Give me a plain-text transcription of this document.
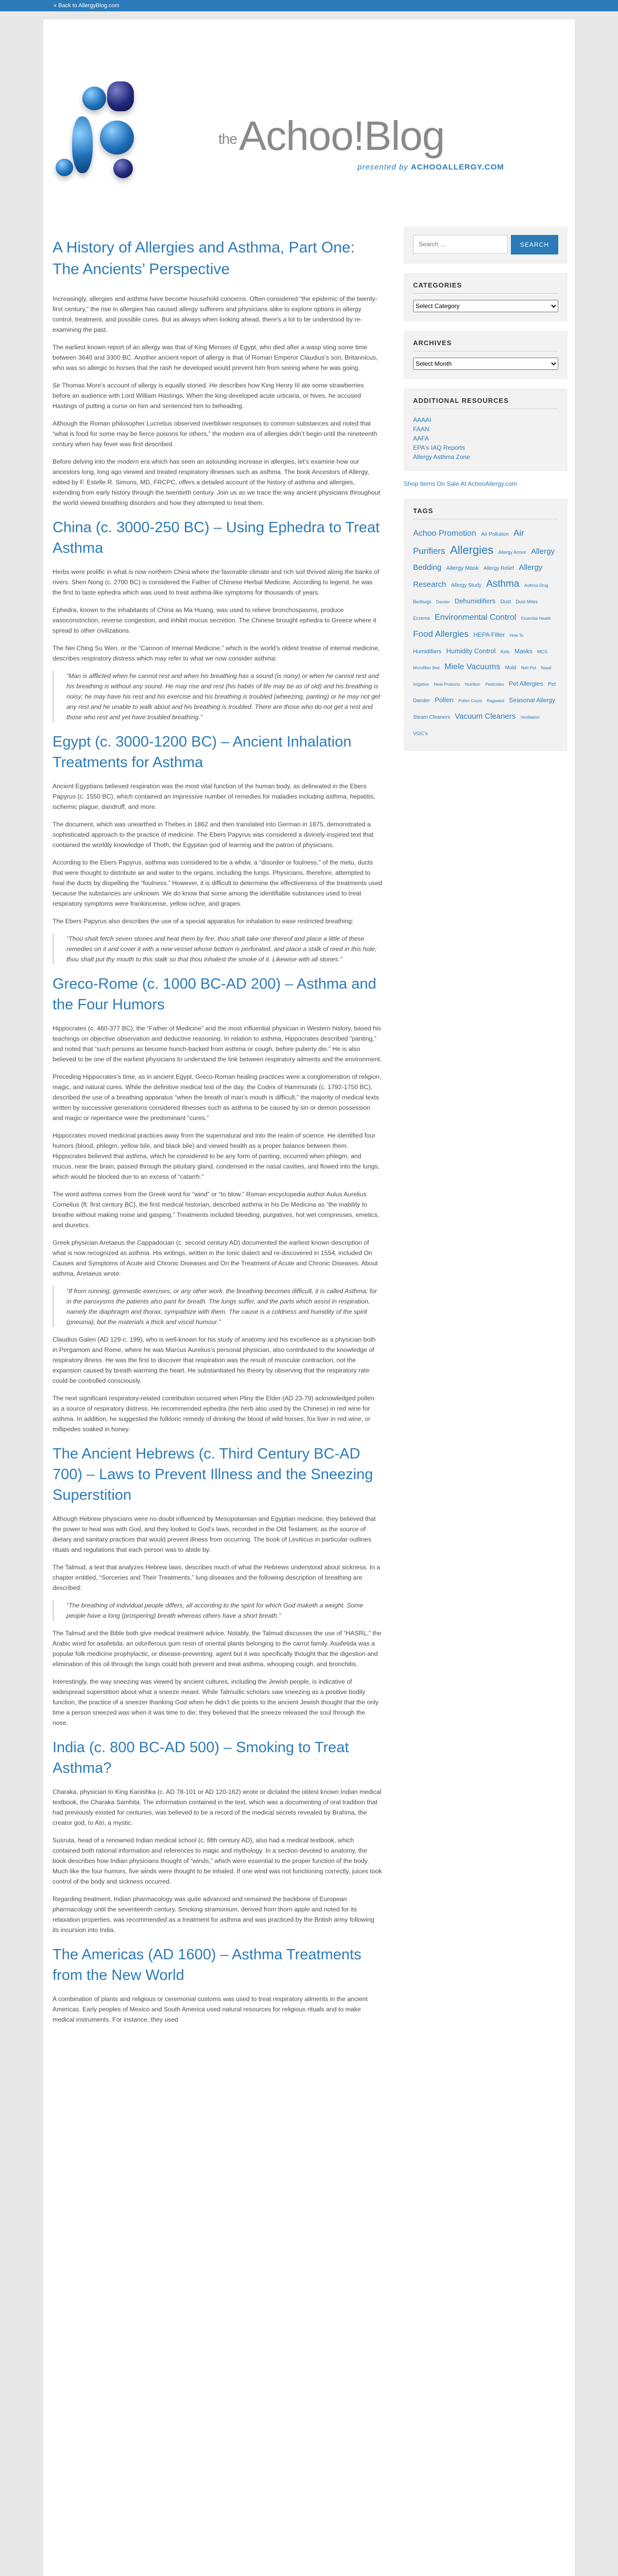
« Back to AllergyBlog.com
theAchoo!Blog
presented by ACHOOALLERGY.COM
A History of Allergies and Asthma, Part One: The Ancients’ Perspective

Increasingly, allergies and asthma have become household concerns. Often considered “the epidemic of the twenty-first century,” the rise in allergies has caused allergy sufferers and physicians alike to explore options in allergy control, treatment, and possible cures. But as always when looking ahead, there’s a lot to be understood by re-examining the past.

The earliest known report of an allergy was that of King Menses of Egypt, who died after a wasp sting some time between 3640 and 3300 BC. Another ancient report of allergy is that of Roman Emperor Claudius’s son, Britannicus, who was so allergic to horses that the rash he developed would prevent him from seeing where he was going.

Sir Thomas More’s account of allergy is equally storied. He describes how King Henry III ate some strawberries before an audience with Lord William Hastings. When the king developed acute urticaria, or hives, he accused Hastings of putting a curse on him and sentenced him to beheading.

Although the Roman philosopher Lucretius observed overblown responses to common substances and noted that “what is food for some may be fierce poisons for others,” the modern era of allergies didn’t begin until the nineteenth century when hay fever was first described.

Before delving into the modern era which has seen an astounding increase in allergies, let’s examine how our ancestors long, long ago viewed and treated respiratory illnesses such as asthma. The book Ancestors of Allergy, edited by F. Estelle R. Simons, MD, FRCPC, offers a detailed account of the history of asthma and allergies, extending from early history through the twentieth century. Join us as we trace the way ancient physicians throughout the world viewed breathing disorders and how they attempted to treat them.

China (c. 3000-250 BC) – Using Ephedra to Treat Asthma

Herbs were prolific in what is now northern China where the favorable climate and rich soil thrived along the banks of rivers. Shen Nong (c. 2700 BC) is considered the Father of Chinese Herbal Medicine. According to legend, he was the first to taste ephedra which was used to treat asthma-like symptoms for thousands of years.

Ephedra, known to the inhabitants of China as Ma Huang, was used to relieve bronchospasms, produce vasoconstriction, reverse congestion, and inhibit mucus secretion. The Chinese brought ephedra to Greece where it spread to other civilizations.

The Nei Ching Su Wen, or the “Cannon of Internal Medicine,” which is the world’s oldest treatise of internal medicine, describes respiratory distress which may refer to what we now consider asthma:

“Man is afflicted when he cannot rest and when his breathing has a sound (is noisy) or when he cannot rest and his breathing is without any sound. He may rise and rest (his habits of life may be as of old) and his breathing is noisy; he may have his rest and his exercise and his breathing is troubled (wheezing, panting) or he may not get any rest and he unable to walk about and his breathing is troubled. There are those who do not get a rest and those who rest and yet have troubled breathing.”
Egypt (c. 3000-1200 BC) – Ancient Inhalation Treatments for Asthma

Ancient Egyptians believed respiration was the most vital function of the human body, as delineated in the Ebers Papyrus (c. 1550 BC), which contained an impressive number of remedies for maladies including asthma, hepatitis, ischemic plague, dandruff, and more.

The document, which was unearthed in Thebes in 1862 and then translated into German in 1875, demonstrated a sophisticated approach to the practice of medicine. The Ebers Papyrus was considered a divinely-inspired text that contained the worldly knowledge of Thoth, the Egyptian god of learning and the patron of physicians.

According to the Ebers Papyrus, asthma was considered to be a whdw, a “disorder or foulness,” of the metu, ducts that were thought to distribute air and water to the organs, including the lungs. Physicians, therefore, attempted to heal the ducts by dispelling the “foulness.” However, it is difficult to determine the effectiveness of the treatments used because the substances are unknown. We do know that some among the identifiable substances used to treat respiratory symptoms were frankincense, yellow ochre, and grapes.

The Ebers Papyrus also describes the use of a special apparatus for inhalation to ease restricted breathing:

“Thou shalt fetch seven stones and heat them by fire, thou shalt take one thereof and place a little of these remedies on it and cover it with a new vessel whose bottom is perforated, and place a stalk of reed in this hole; thou shalt put thy mouth to this stalk so that thou inhalest the smoke of it. Likewise with all stones.”
Greco-Rome (c. 1000 BC-AD 200) – Asthma and the Four Humors

Hippocrates (c. 460-377 BC), the “Father of Medicine” and the most influential physician in Western history, based his teachings on objective observation and deductive reasoning. In relation to asthma, Hippocrates described “panting,” and noted that “such persons as become hunch-backed from asthma or cough, before puberty die.” He is also believed to be one of the earliest physicians to understand the link between respiratory ailments and the environment.

Preceding Hippocrates’s time, as in ancient Egypt, Greco-Roman healing practices were a conglomeration of religion, magic, and natural cures. While the definitive medical text of the day, the Codex of Hammurabi (c. 1792-1750 BC), described the use of a breathing apparatus “when the breath of man’s mouth is difficult,” the majority of medical texts written by successive generations considered illnesses such as asthma to be caused by sin or demon possession and magic or repentance were the predominant “cures.”

Hippocrates moved medicinal practices away from the supernatural and into the realm of science. He identified four humors (blood, phlegm, yellow bile, and black bile) and viewed health as a proper balance between them. Hippocrates believed that asthma, which he considered to be any form of panting, occurred when phlegm, and mucus, near the brain, passed through the pituitary gland, condensed in the nasal cavities, and flowed into the lungs, which would be blocked due to an excess of “catarrh.”

The word asthma comes from the Greek word for “wind” or “to blow.” Roman encyclopedia author Aulus Aurelius Cornelius (ft. first century BC), the first medical historian, described asthma in his De Medicina as “the inability to breathe without making noise and gasping.” Treatments included bleeding, purgatives, hot wet compresses, emetics, and diuretics.

Greek physician Aretaeus the Cappadocian (c. second century AD) documented the earliest known description of what is now recognized as asthma. His writings, written in the Ionic dialect and re-discovered in 1554, included On Causes and Symptoms of Acute and Chronic Diseases and On the Treatment of Acute and Chronic Diseases. About asthma, Aretaeus wrote:

“If from running, gymnastic exercises, or any other work, the breathing becomes difficult, it is called Asthma; for in the paroxysms the patients also pant for breath. The lungs suffer, and the parts which assist in respiration, namely the diaphragm and thorax, sympathize with them. The cause is a coldness and humidity of the spirit (pneuma), but the materials a thick and viscid humour.”

Claudius Galen (AD 129-c. 199), who is well-known for his study of anatomy and his excellence as a physician both in Pergamom and Rome, where he was Marcus Aurelius’s personal physician, also contributed to the knowledge of respiratory illness. He was the first to discover that respiration was the result of muscular contraction, not the expansion caused by breath warming the heart. He substantiated his theory by observing that the respiratory rate could be controlled consciously.

The next significant respiratory-related contribution occurred when Pliny the Elder (AD 23-79) acknowledged pollen as a source of respiratory distress. He recommended ephedra (the herb also used by the Chinese) in red wine for asthma. In addition, he suggested the folkloric remedy of drinking the blood of wild horses, fox liver in red wine, or millipedes soaked in honey.

The Ancient Hebrews (c. Third Century BC-AD 700) – Laws to Prevent Illness and the Sneezing Superstition

Although Hebrew physicians were no doubt influenced by Mesopotamian and Egyptian medicine, they believed that the power to heal was with God, and they looked to God’s laws, recorded in the Old Testament, as the source of dietary and sanitary practices that would prevent illness from occurring. The book of Leviticus in particular outlines rituals and regulations that each person was to abide by.

The Talmud, a text that analyzes Hebrew laws, describes much of what the Hebrews understood about sickness. In a chapter entitled, “Sorceries and Their Treatments,” lung diseases and the following description of breathing are described:

“The breathing of individual people differs, all according to the spirit for which God maketh a weight. Some people have a long (prospering) breath whereas others have a short breath.”

The Talmud and the Bible both give medical treatment advice. Notably, the Talmud discusses the use of “HASRL,” the Arabic word for asafetida, an odoriferous gum resin of oriental plants belonging to the carrot family. Asafetida was a popular folk medicine prophylactic, or disease-preventing, agent but it was specifically thought that the digestion and elimination of this oil through the lungs could both prevent and treat asthma, whooping cough, and bronchitis.

Interestingly, the way sneezing was viewed by ancient cultures, including the Jewish people, is indicative of widespread superstition about what a sneeze meant. While Talmudic scholars saw sneezing as a positive bodily function, the practice of a sneezer thanking God when he didn’t die points to the ancient Jewish thought that the only time a person sneezed was when it was time to die; they believed that the sneeze released the soul through the nose.

India (c. 800 BC-AD 500) – Smoking to Treat Asthma?

Charaka, physician to King Kanishka (c. AD 78-101 or AD 120-162) wrote or dictated the oldest known Indian medical textbook, the Charaka Samhita. The information contained in the text, which was a documenting of oral tradition that had previously existed for centuries, was believed to be a record of the medical secrets revealed by Brahma, the creator god, to Atri, a mystic.

Susruta, head of a renowned Indian medical school (c. fifth century AD), also had a medical textbook, which contained both rational information and references to magic and mythology. In a section devoted to anatomy, the book describes how Indian physicians thought of “winds,” which were essential to the proper function of the body. Much like the four humors, five winds were thought to be inhaled. If one wind was not functioning correctly, juices took control of the body and sickness occurred.

Regarding treatment, Indian pharmacology was quite advanced and remained the backbone of European pharmacology until the seventeenth century. Smoking stramonium, derived from thorn apple and noted for its relaxation properties, was recommended as a treatment for asthma and was practiced by the British army following its incursion into India.

The Americas (AD 1600) – Asthma Treatments from the New World

A combination of plants and religious or ceremonial customs was used to treat respiratory ailments in the ancient Americas. Early peoples of Mexico and South America used natural resources for religious rituals and to make medical instruments. For instance, they used

Search …
SEARCH
CATEGORIES
Select Category
ARCHIVES
Select Month
ADDITIONAL RESOURCES
AAAAI
FAAN
AAFA
EPA's IAQ Reports
Allergy Asthma Zone
Shop Items On Sale At AchooAllergy.com
TAGS
Achoo Promotion Air Pollution Air Purifiers Allergies Allergy Armor Allergy Bedding Allergy Mask Allergy Relief Allergy Research Allergy Study Asthma Asthma Drug Bedbugs Dander Dehumidifiers Dust Dust Mites Eczema Environmental Control Essential Health Food Allergies HEPA Filter How To Humidifiers Humidity Control Kids Masks MCS Microfiber Bed Miele Vacuums Mold Neti-Pot Nasal Irrigation Neat Products Nutrition Pesticides Pet Allergies Pet Dander Pollen Pollen Count Ragweed Seasonal Allergy Steam Cleaners Vacuum Cleaners Ventilation VOC's
